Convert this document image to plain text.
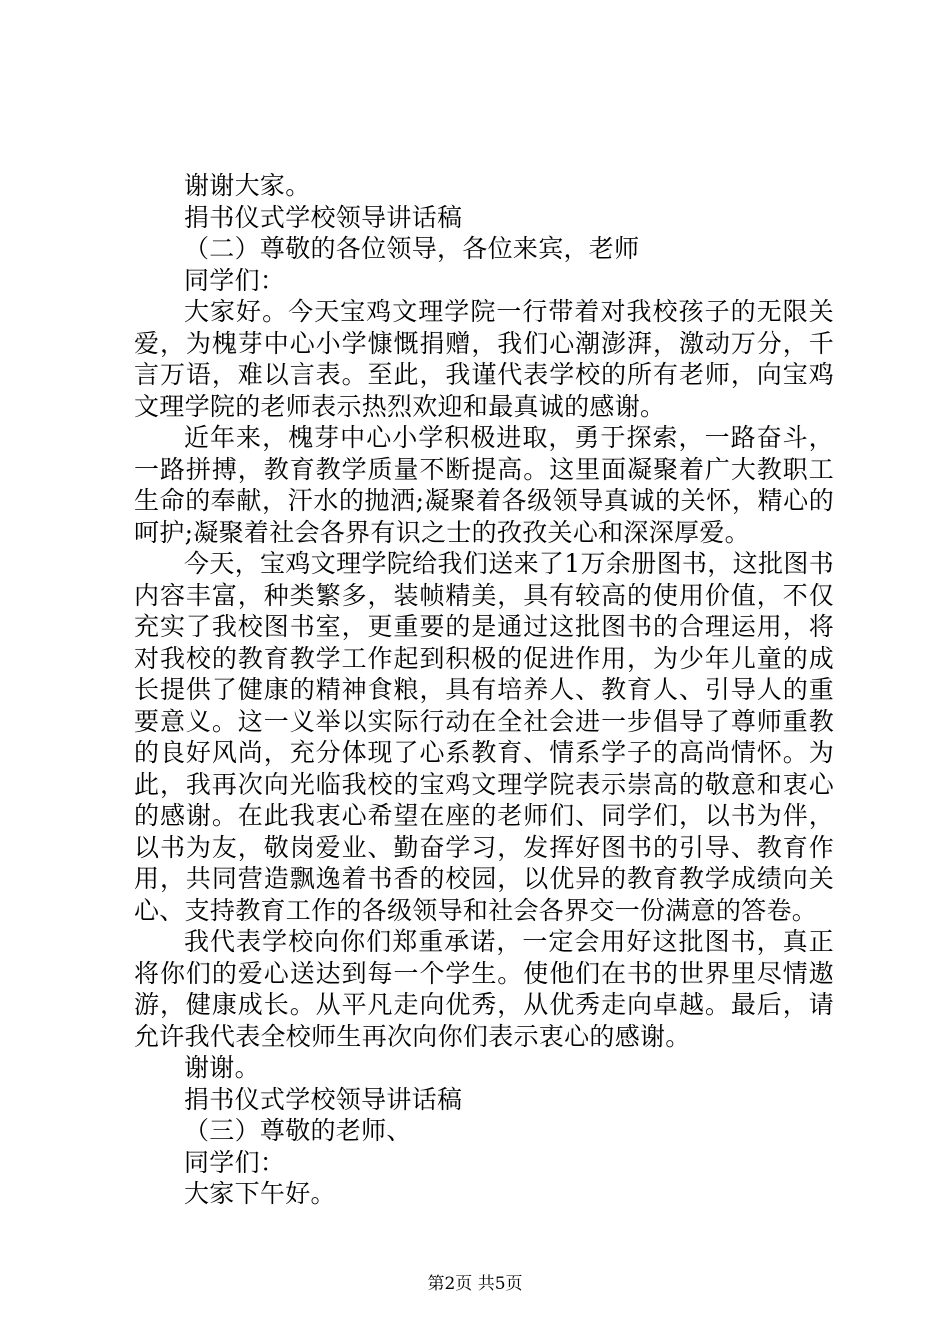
谢谢大家。

捐书仪式学校领导讲话稿

（二）尊敬的各位领导，各位来宾，老师

同学们：

大家好。今天宝鸡文理学院一行带着对我校孩子的无限关爱，为槐芽中心小学慷慨捐赠，我们心潮澎湃，激动万分，千言万语，难以言表。至此，我谨代表学校的所有老师，向宝鸡文理学院的老师表示热烈欢迎和最真诚的感谢。

近年来，槐芽中心小学积极进取，勇于探索，一路奋斗，一路拼搏，教育教学质量不断提高。这里面凝聚着广大教职工生命的奉献，汗水的抛洒;凝聚着各级领导真诚的关怀，精心的呵护;凝聚着社会各界有识之士的孜孜关心和深深厚爱。

今天，宝鸡文理学院给我们送来了1万余册图书，这批图书内容丰富，种类繁多，装帧精美，具有较高的使用价值，不仅充实了我校图书室，更重要的是通过这批图书的合理运用，将对我校的教育教学工作起到积极的促进作用，为少年儿童的成长提供了健康的精神食粮，具有培养人、教育人、引导人的重要意义。这一义举以实际行动在全社会进一步倡导了尊师重教的良好风尚，充分体现了心系教育、情系学子的高尚情怀。为此，我再次向光临我校的宝鸡文理学院表示崇高的敬意和衷心的感谢。在此我衷心希望在座的老师们、同学们，以书为伴，以书为友，敬岗爱业、勤奋学习，发挥好图书的引导、教育作用，共同营造飘逸着书香的校园，以优异的教育教学成绩向关心、支持教育工作的各级领导和社会各界交一份满意的答卷。

我代表学校向你们郑重承诺，一定会用好这批图书，真正将你们的爱心送达到每一个学生。使他们在书的世界里尽情遨游，健康成长。从平凡走向优秀，从优秀走向卓越。最后，请允许我代表全校师生再次向你们表示衷心的感谢。

谢谢。

捐书仪式学校领导讲话稿

（三）尊敬的老师、

同学们：

大家下午好。

第2页 共5页
